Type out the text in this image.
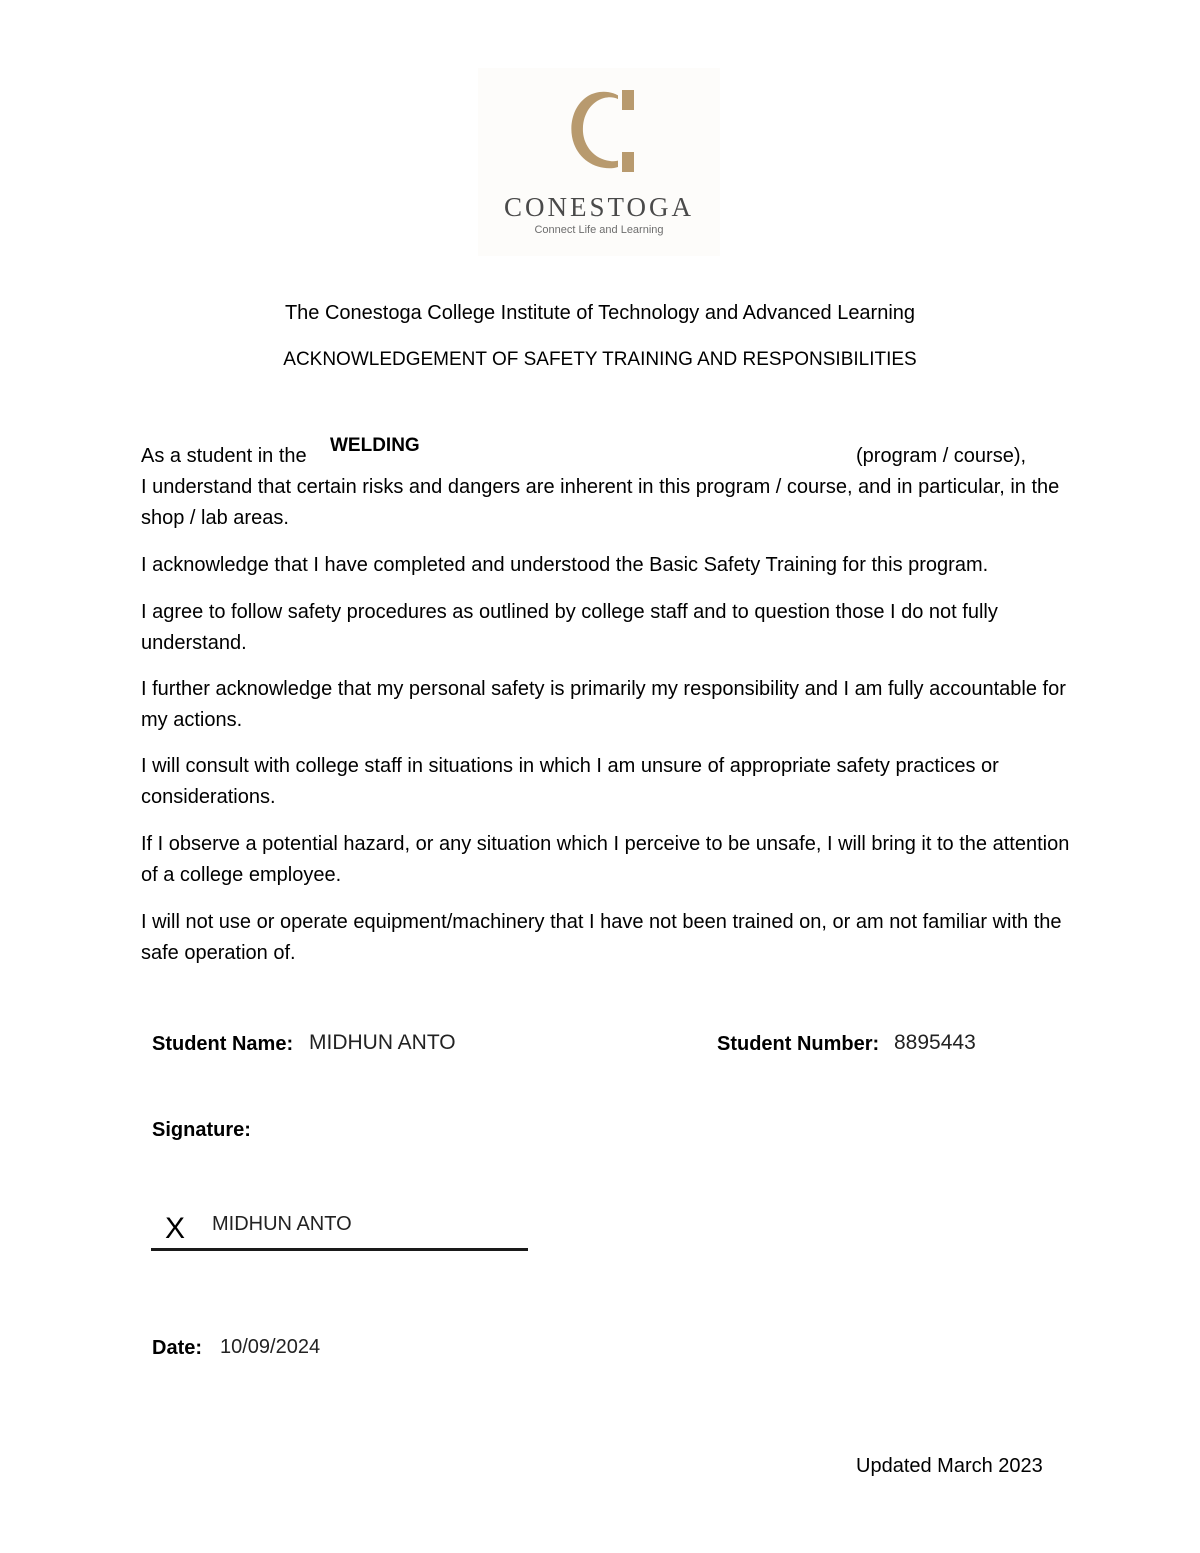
CONESTOGA
Connect Life and Learning
The Conestoga College Institute of Technology and Advanced Learning
ACKNOWLEDGEMENT OF SAFETY TRAINING AND RESPONSIBILITIES
As a student in the	WELDING	(program / course),

I understand that certain risks and dangers are inherent in this program / course, and in particular, in the shop / lab areas.

I acknowledge that I have completed and understood the Basic Safety Training for this program.

I agree to follow safety procedures as outlined by college staff and to question those I do not fully understand.

I further acknowledge that my personal safety is primarily my responsibility and I am fully accountable for my actions.

I will consult with college staff in situations in which I am unsure of appropriate safety practices or considerations.

If I observe a potential hazard, or any situation which I perceive to be unsafe, I will bring it to the attention of a college employee.

I will not use or operate equipment/machinery that I have not been trained on, or am not familiar with the safe operation of.

Student Name: MIDHUN ANTO	Student Number: 8895443
Signature:
X MIDHUN ANTO
Date: 10/09/2024
Updated March 2023
